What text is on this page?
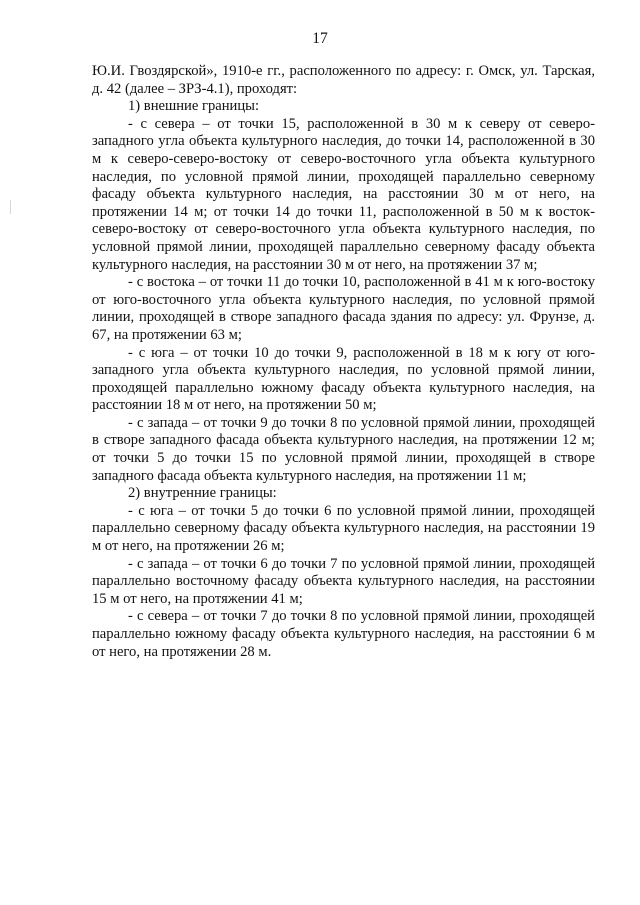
17

Ю.И. Гвоздярской», 1910-е гг., расположенного по адресу: г. Омск, ул. Тарская, д. 42 (далее – ЗРЗ-4.1), проходят:

1) внешние границы:

- с севера – от точки 15, расположенной в 30 м к северу от северо-западного угла объекта культурного наследия, до точки 14, расположенной в 30 м к северо-северо-востоку от северо-восточного угла объекта культурного наследия, по условной прямой линии, проходящей параллельно северному фасаду объекта культурного наследия, на расстоянии 30 м от него, на протяжении 14 м; от точки 14 до точки 11, расположенной в 50 м к восток-северо-востоку от северо-восточного угла объекта культурного наследия, по условной прямой линии, проходящей параллельно северному фасаду объекта культурного наследия, на расстоянии 30 м от него, на протяжении 37 м;

- с востока – от точки 11 до точки 10, расположенной в 41 м к юго-востоку от юго-восточного угла объекта культурного наследия, по условной прямой линии, проходящей в створе западного фасада здания по адресу: ул. Фрунзе, д. 67, на протяжении 63 м;

- с юга – от точки 10 до точки 9, расположенной в 18 м к югу от юго-западного угла объекта культурного наследия, по условной прямой линии, проходящей параллельно южному фасаду объекта культурного наследия, на расстоянии 18 м от него, на протяжении 50 м;

- с запада – от точки 9 до точки 8 по условной прямой линии, проходящей в створе западного фасада объекта культурного наследия, на протяжении 12 м; от точки 5 до точки 15 по условной прямой линии, проходящей в створе западного фасада объекта культурного наследия, на протяжении 11 м;

2) внутренние границы:

- с юга – от точки 5 до точки 6 по условной прямой линии, проходящей параллельно северному фасаду объекта культурного наследия, на расстоянии 19 м от него, на протяжении 26 м;

- с запада – от точки 6 до точки 7 по условной прямой линии, проходящей параллельно восточному фасаду объекта культурного наследия, на расстоянии 15 м от него, на протяжении 41 м;

- с севера – от точки 7 до точки 8 по условной прямой линии, проходящей параллельно южному фасаду объекта культурного наследия, на расстоянии 6 м от него, на протяжении 28 м.
